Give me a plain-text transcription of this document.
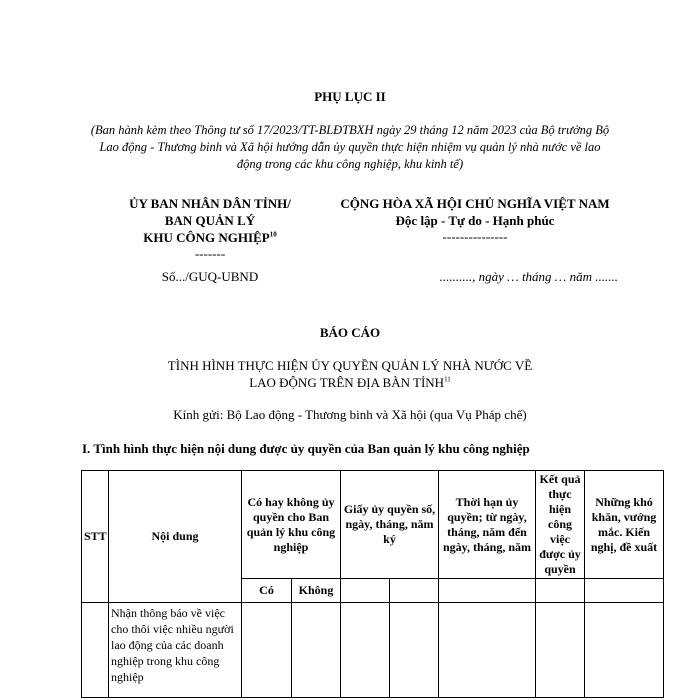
PHỤ LỤC II
(Ban hành kèm theo Thông tư số 17/2023/TT-BLĐTBXH ngày 29 tháng 12 năm 2023 của Bộ trưởng Bộ Lao động - Thương binh và Xã hội hướng dẫn ủy quyền thực hiện nhiệm vụ quản lý nhà nước về lao động trong các khu công nghiệp, khu kinh tế)
ỦY BAN NHÂN DÂN TỈNH/
BAN QUẢN LÝ
KHU CÔNG NGHIỆP$^{10}$
-------
CỘNG HÒA XÃ HỘI CHỦ NGHĨA VIỆT NAM
Độc lập - Tự do - Hạnh phúc
---------------
Số.../GUQ-UBND	.........., ngày … tháng … năm .......
BÁO CÁO
TÌNH HÌNH THỰC HIỆN ỦY QUYỀN QUẢN LÝ NHÀ NƯỚC VỀ
LAO ĐỘNG TRÊN ĐỊA BÀN TỈNH$^{11}$
Kính gửi: Bộ Lao động - Thương binh và Xã hội (qua Vụ Pháp chế)
I. Tình hình thực hiện nội dung được ủy quyền của Ban quản lý khu công nghiệp
STT	Nội dung	Có hay không ủy quyền cho Ban quản lý khu công nghiệp		Giấy ủy quyền số, ngày, tháng, năm ký		Thời hạn ủy quyền; từ ngày, tháng, năm đến ngày, tháng, năm	Kết quả thực hiện công việc được ủy quyền	Những khó khăn, vướng mắc. Kiến nghị, đề xuất
		Có	Không					
	Nhận thông báo về việc cho thôi việc nhiều người lao động của các doanh nghiệp trong khu công nghiệp							
